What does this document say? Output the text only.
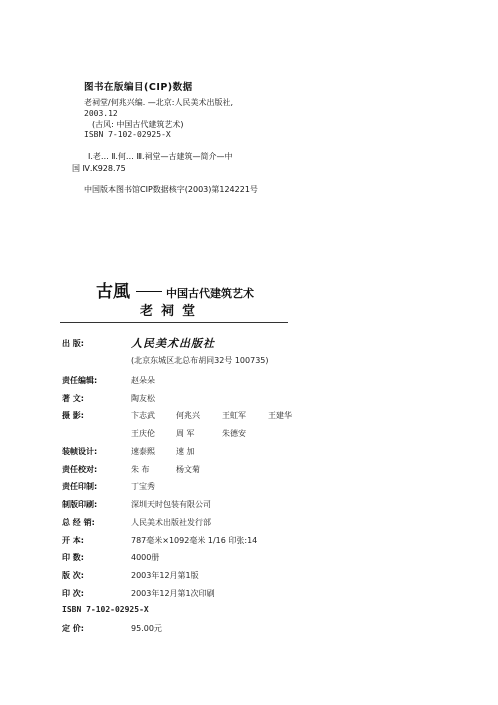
图书在版编目(CIP)数据
老祠堂/何兆兴编. —北京:人民美术出版社,
2003.12
(古风: 中国古代建筑艺术)
ISBN 7-102-02925-X
Ⅰ.老… Ⅱ.何… Ⅲ.祠堂—古建筑—简介—中
国 Ⅳ.K928.75
中国版本图书馆CIP数据核字(2003)第124221号
古風	中国古代建筑艺术
老祠堂
出 版:	人民美术出版社
(北京东城区北总布胡同32号 100735)
责任编辑:	赵朵朵
著 文:	陶友松
摄 影:	卞志武	何兆兴	王虹军	王建华
王庆伦	周 军	朱德安
装帧设计:	速泰熙	速 加
责任校对:	朱 布	杨文菊
责任印制:	丁宝秀
制版印刷:	深圳天时包装有限公司
总 经 销:	人民美术出版社发行部
开 本:	787毫米×1092毫米 1/16 印张:14
印 数:	4000册
版 次:	2003年12月第1版
印 次:	2003年12月第1次印刷
ISBN 7-102-02925-X
定 价:	95.00元
